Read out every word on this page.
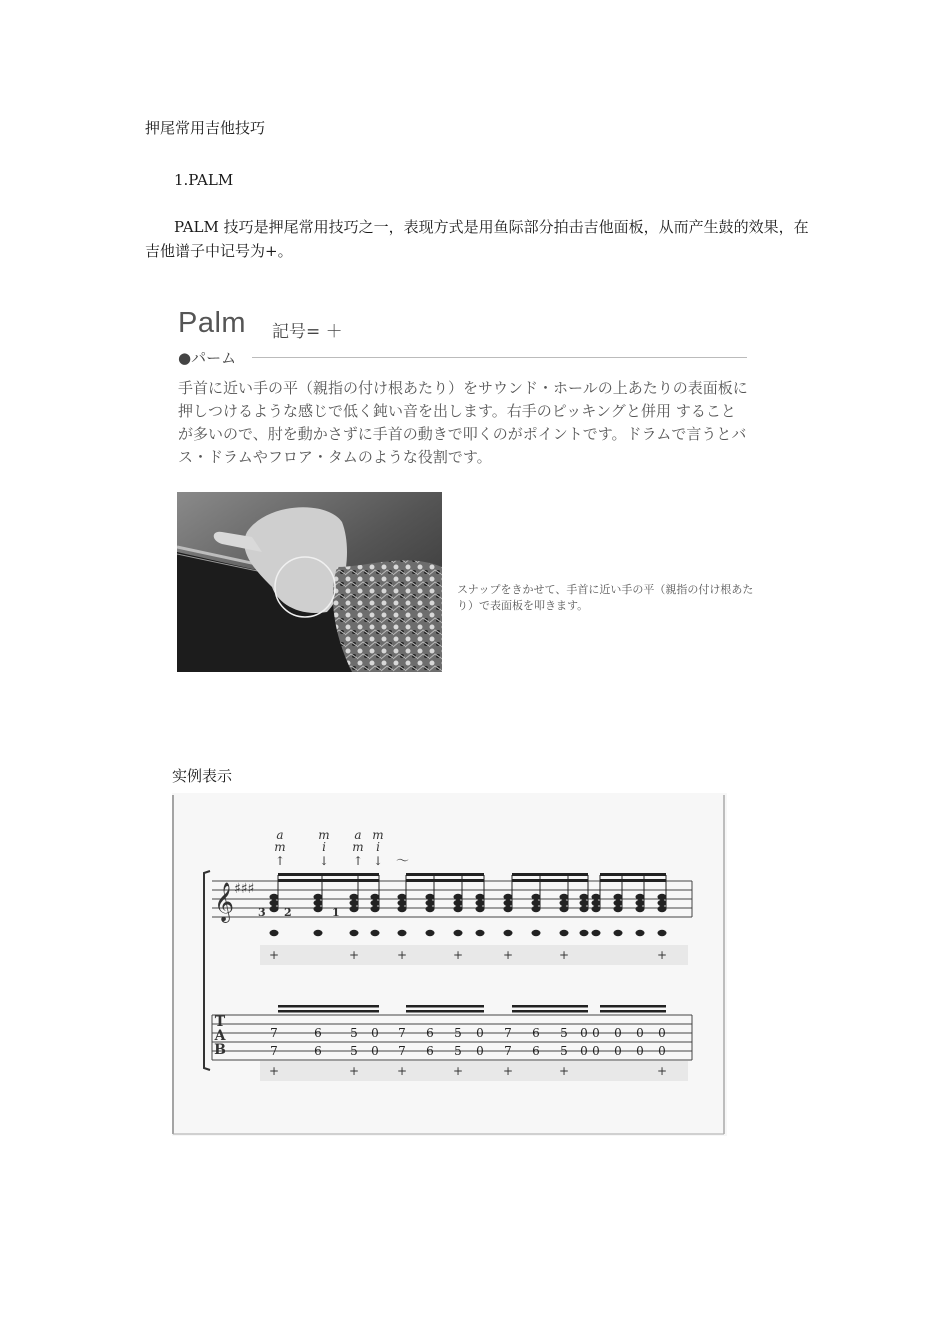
押尾常用吉他技巧
1.PALM
PALM 技巧是押尾常用技巧之一，表现方式是用鱼际部分拍击吉他面板，从而产生鼓的效果，在吉他谱子中记号为+。
Palm 記号= ＋
●パーム
手首に近い手の平（親指の付け根あたり）をサウンド・ホールの上あたりの表面板に押しつけるような感じで低く鈍い音を出します。右手のピッキングと併用 することが多いので、肘を動かさずに手首の動きで叩くのがポイントです。ドラムで言うとバス・ドラムやフロア・タムのような役割です。
スナップをきかせて、手首に近い手の平（親指の付け根あたり）で表面板を叩きます。
实例表示
a
m
↑
m
i
↓
a
m
↑
m
i
↓ 〜
𝄞 ♯♯♯
3 2	1
+	+	+	+	+	+	+
T
A
B
7
7
6
6
5
5
0
0
7
7
6
6
5
5
0
0
7
7
6
6
5
5
0
0
0
0
0
0
0
0
0
0
+	+	+	+	+	+	+
